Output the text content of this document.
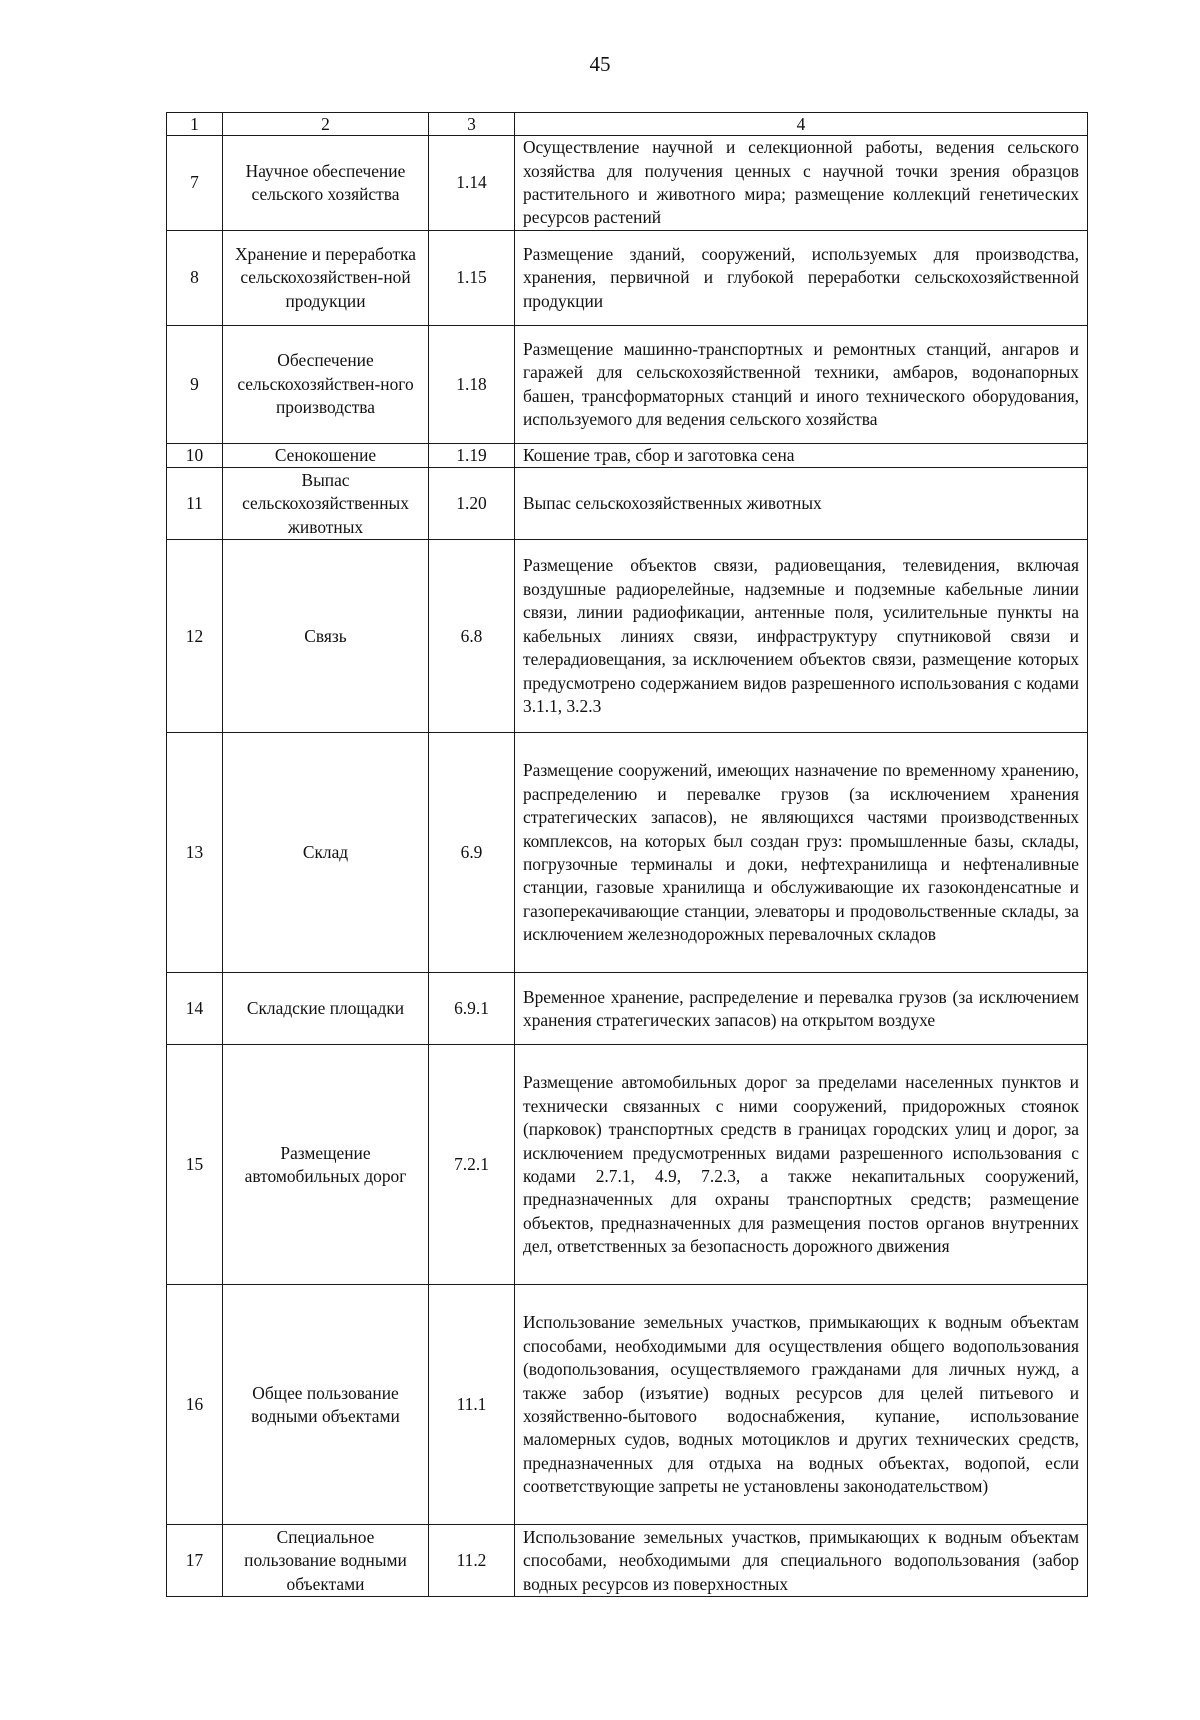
45
1	2	3	4
7	Научное обеспечение сельского хозяйства	1.14	Осуществление научной и селекционной работы, ведения сельского хозяйства для получения ценных с научной точки зрения образцов растительного и животного мира; размещение коллекций генетических ресурсов растений
8	Хранение и переработка сельскохозяйствен-ной продукции	1.15	Размещение зданий, сооружений, используемых для производства, хранения, первичной и глубокой переработки сельскохозяйственной продукции
9	Обеспечение сельскохозяйствен-ного производства	1.18	Размещение машинно-транспортных и ремонтных станций, ангаров и гаражей для сельскохозяйственной техники, амбаров, водонапорных башен, трансформаторных станций и иного технического оборудования, используемого для ведения сельского хозяйства
10	Сенокошение	1.19	Кошение трав, сбор и заготовка сена
11	Выпас сельскохозяйственных животных	1.20	Выпас сельскохозяйственных животных
12	Связь	6.8	Размещение объектов связи, радиовещания, телевидения, включая воздушные радиорелейные, надземные и подземные кабельные линии связи, линии радиофикации, антенные поля, усилительные пункты на кабельных линиях связи, инфраструктуру спутниковой связи и телерадиовещания, за исключением объектов связи, размещение которых предусмотрено содержанием видов разрешенного использования с кодами 3.1.1, 3.2.3
13	Склад	6.9	Размещение сооружений, имеющих назначение по временному хранению, распределению и перевалке грузов (за исключением хранения стратегических запасов), не являющихся частями производственных комплексов, на которых был создан груз: промышленные базы, склады, погрузочные терминалы и доки, нефтехранилища и нефтеналивные станции, газовые хранилища и обслуживающие их газоконденсатные и газоперекачивающие станции, элеваторы и продовольственные склады, за исключением железнодорожных перевалочных складов
14	Складские площадки	6.9.1	Временное хранение, распределение и перевалка грузов (за исключением хранения стратегических запасов) на открытом воздухе
15	Размещение автомобильных дорог	7.2.1	Размещение автомобильных дорог за пределами населенных пунктов и технически связанных с ними сооружений, придорожных стоянок (парковок) транспортных средств в границах городских улиц и дорог, за исключением предусмотренных видами разрешенного использования с кодами 2.7.1, 4.9, 7.2.3, а также некапитальных сооружений, предназначенных для охраны транспортных средств; размещение объектов, предназначенных для размещения постов органов внутренних дел, ответственных за безопасность дорожного движения
16	Общее пользование водными объектами	11.1	Использование земельных участков, примыкающих к водным объектам способами, необходимыми для осуществления общего водопользования (водопользования, осуществляемого гражданами для личных нужд, а также забор (изъятие) водных ресурсов для целей питьевого и хозяйственно-бытового водоснабжения, купание, использование маломерных судов, водных мотоциклов и других технических средств, предназначенных для отдыха на водных объектах, водопой, если соответствующие запреты не установлены законодательством)
17	Специальное пользование водными объектами	11.2	Использование земельных участков, примыкающих к водным объектам способами, необходимыми для специального водопользования (забор водных ресурсов из поверхностных
